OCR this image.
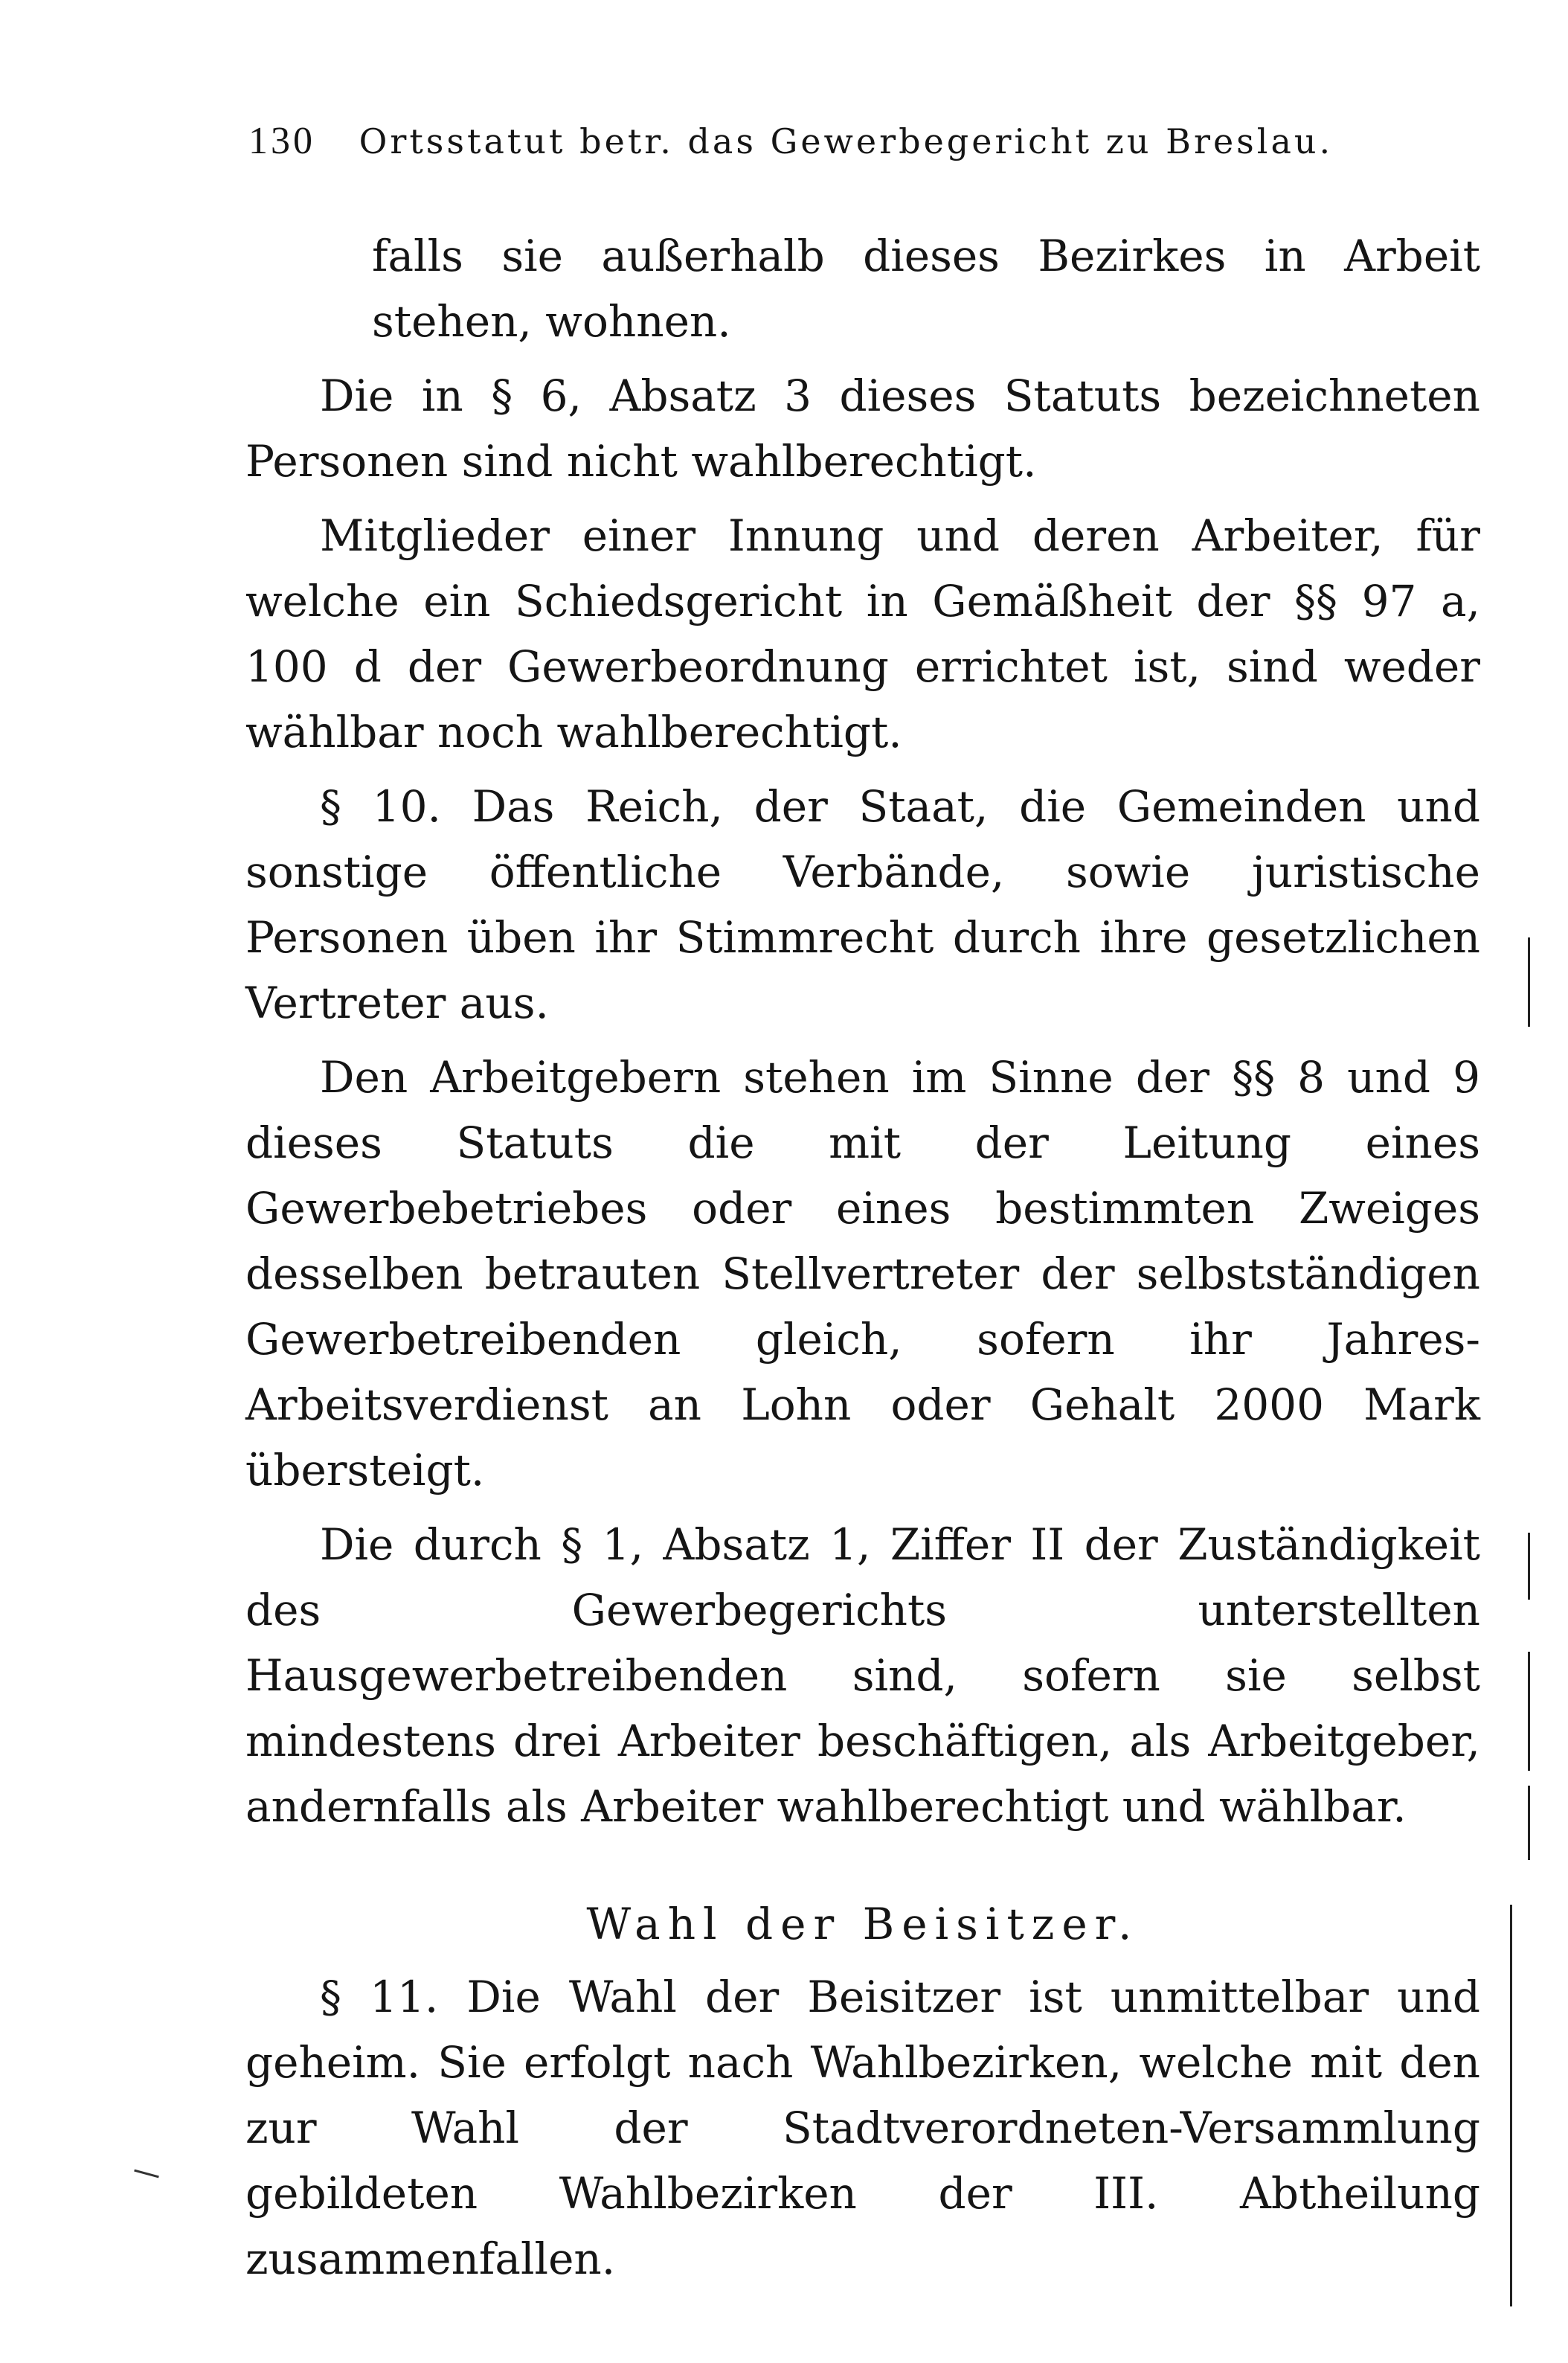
130 Ortsstatut betr. das Gewerbegericht zu Breslau.

falls sie außerhalb dieses Bezirkes in Arbeit stehen, wohnen.

Die in § 6, Absatz 3 dieses Statuts bezeichneten Personen sind nicht wahlberechtigt.

Mitglieder einer Innung und deren Arbeiter, für welche ein Schiedsgericht in Gemäßheit der §§ 97 a, 100 d der Gewerbeordnung errichtet ist, sind weder wählbar noch wahlberechtigt.

§ 10. Das Reich, der Staat, die Gemeinden und sonstige öffentliche Verbände, sowie juristische Personen üben ihr Stimmrecht durch ihre gesetzlichen Vertreter aus.

Den Arbeitgebern stehen im Sinne der §§ 8 und 9 dieses Statuts die mit der Leitung eines Gewerbebetriebes oder eines bestimmten Zweiges desselben betrauten Stellvertreter der selbstständigen Gewerbetreibenden gleich, sofern ihr Jahres-Arbeitsverdienst an Lohn oder Gehalt 2000 Mark übersteigt.

Die durch § 1, Absatz 1, Ziffer II der Zuständigkeit des Gewerbegerichts unterstellten Hausgewerbetreibenden sind, sofern sie selbst mindestens drei Arbeiter beschäftigen, als Arbeitgeber, andernfalls als Arbeiter wahlberechtigt und wählbar.

Wahl der Beisitzer.

§ 11. Die Wahl der Beisitzer ist unmittelbar und geheim. Sie erfolgt nach Wahlbezirken, welche mit den zur Wahl der Stadtverordneten-Versammlung gebildeten Wahlbezirken der III. Abtheilung zusammenfallen.
